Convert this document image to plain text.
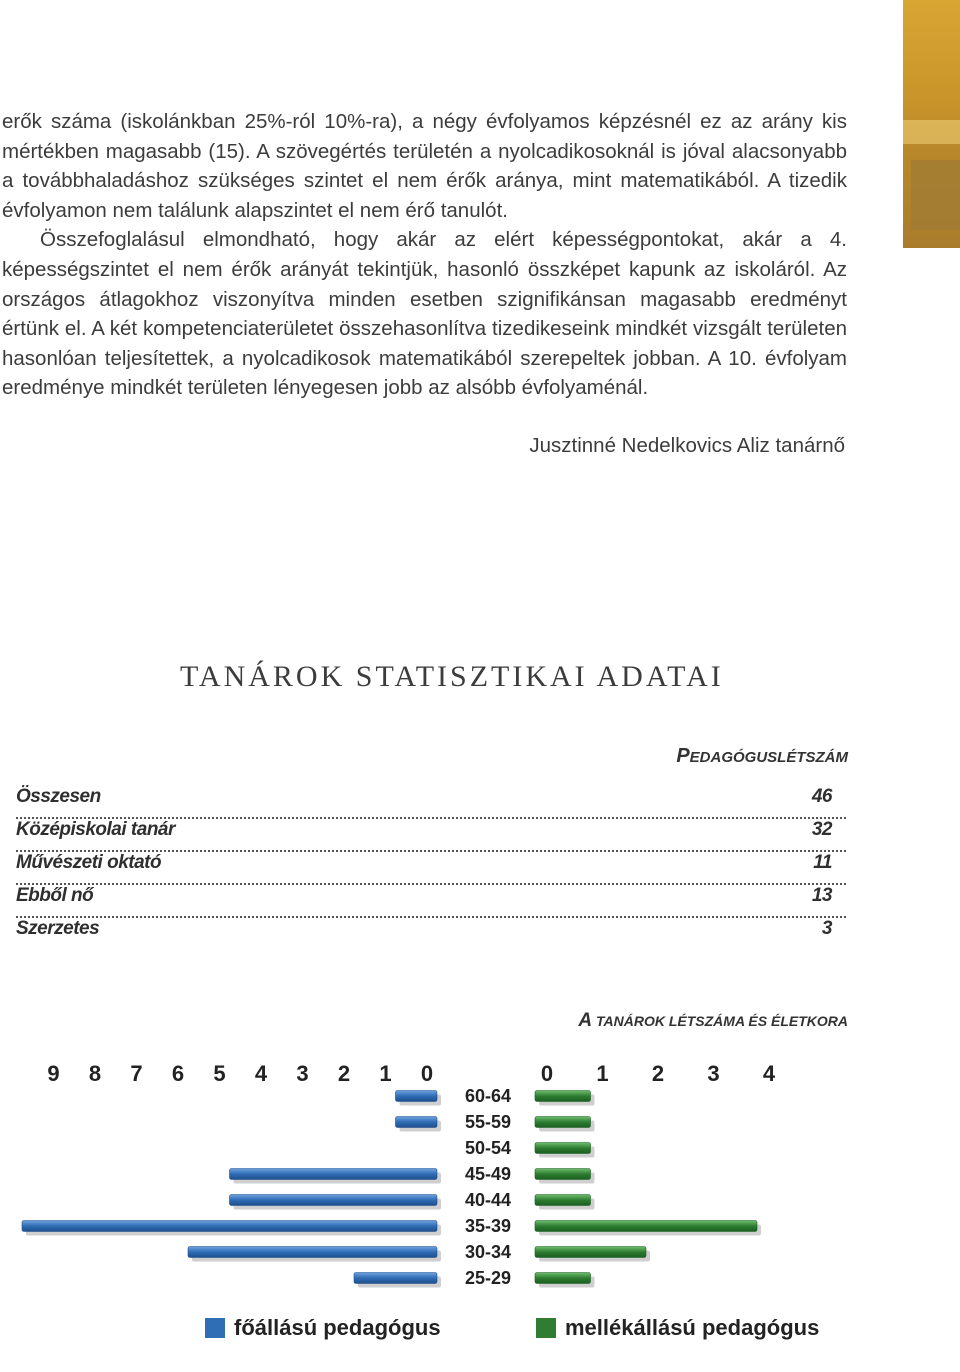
erők száma (iskolánkban 25%-ról 10%-ra), a négy évfolyamos képzésnél ez az arány kis mértékben magasabb (15). A szövegértés területén a nyolcadikosoknál is jóval alacsonyabb a továbbhaladáshoz szükséges szintet el nem érők aránya, mint matematikából. A tizedik évfolyamon nem találunk alapszintet el nem érő tanulót.

Összefoglalásul elmondható, hogy akár az elért képességpontokat, akár a 4. képességszintet el nem érők arányát tekintjük, hasonló összképet kapunk az iskoláról. Az országos átlagokhoz viszonyítva minden esetben szignifikánsan magasabb eredményt értünk el. A két kompetenciaterületet összehasonlítva tizedikeseink mindkét vizsgált területen hasonlóan teljesítettek, a nyolcadikosok matematikából szerepeltek jobban. A 10. évfolyam eredménye mindkét területen lényegesen jobb az alsóbb évfolyaménál.

Jusztinné Nedelkovics Aliz tanárnő
TANÁROK STATISZTIKAI ADATAI
PEDAGÓGUSLÉTSZÁM
Összesen	46
Középiskolai tanár	32
Művészeti oktató	11
Ebből nő	13
Szerzetes	3
A TANÁROK LÉTSZÁMA ÉS ÉLETKORA
9 8 7 6 5 4 3 2 1 0	0 1 2 3 4
60-64
55-59
50-54
45-49
40-44
35-39
30-34
25-29
főállású pedagógus	mellékállású pedagógus
